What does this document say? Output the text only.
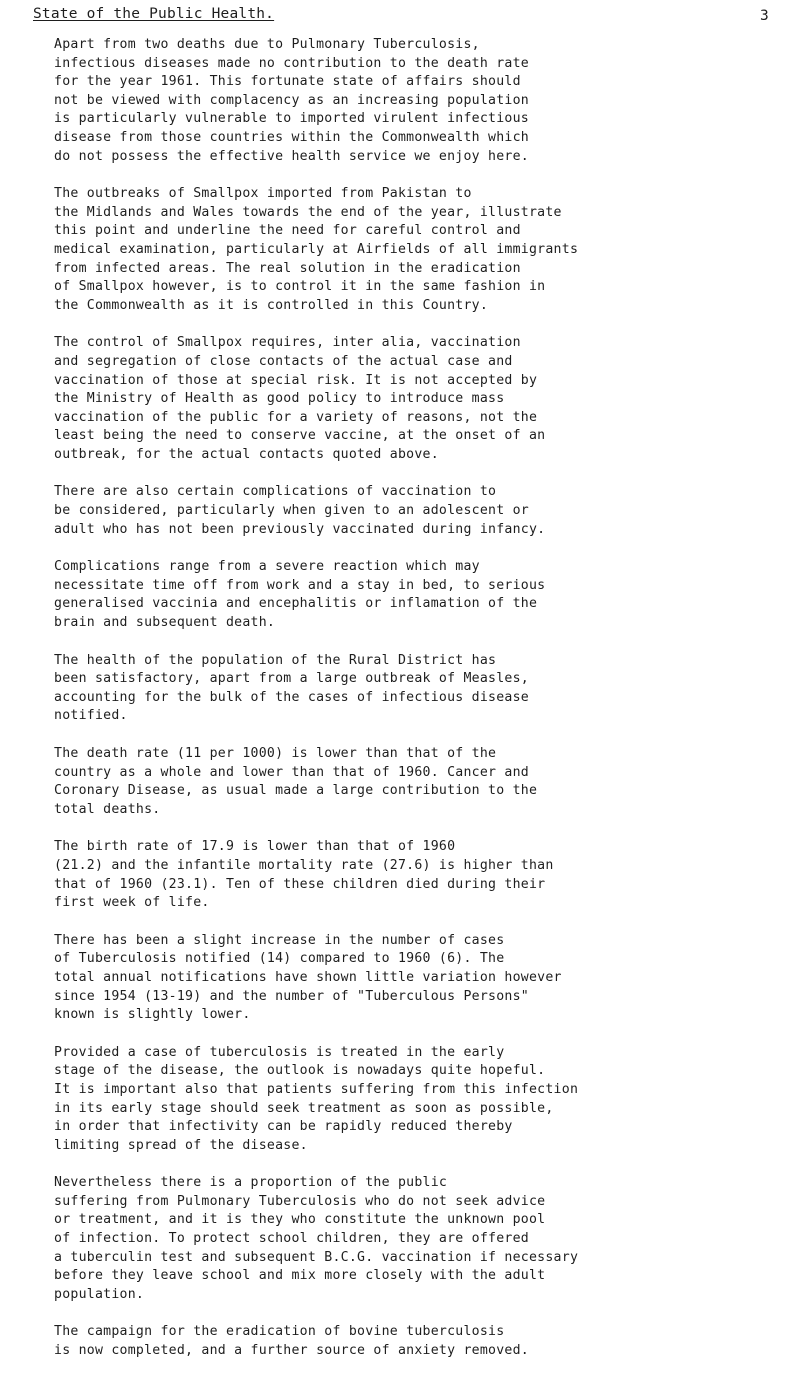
State of the Public Health.	3

Apart from two deaths due to Pulmonary Tuberculosis,
infectious diseases made no contribution to the death rate
for the year 1961. This fortunate state of affairs should
not be viewed with complacency as an increasing population
is particularly vulnerable to imported virulent infectious
disease from those countries within the Commonwealth which
do not possess the effective health service we enjoy here.

The outbreaks of Smallpox imported from Pakistan to
the Midlands and Wales towards the end of the year, illustrate
this point and underline the need for careful control and
medical examination, particularly at Airfields of all immigrants
from infected areas. The real solution in the eradication
of Smallpox however, is to control it in the same fashion in
the Commonwealth as it is controlled in this Country.

The control of Smallpox requires, inter alia, vaccination
and segregation of close contacts of the actual case and
vaccination of those at special risk. It is not accepted by
the Ministry of Health as good policy to introduce mass
vaccination of the public for a variety of reasons, not the
least being the need to conserve vaccine, at the onset of an
outbreak, for the actual contacts quoted above.

There are also certain complications of vaccination to
be considered, particularly when given to an adolescent or
adult who has not been previously vaccinated during infancy.

Complications range from a severe reaction which may
necessitate time off from work and a stay in bed, to serious
generalised vaccinia and encephalitis or inflamation of the
brain and subsequent death.

The health of the population of the Rural District has
been satisfactory, apart from a large outbreak of Measles,
accounting for the bulk of the cases of infectious disease
notified.

The death rate (11 per 1000) is lower than that of the
country as a whole and lower than that of 1960. Cancer and
Coronary Disease, as usual made a large contribution to the
total deaths.

The birth rate of 17.9 is lower than that of 1960
(21.2) and the infantile mortality rate (27.6) is higher than
that of 1960 (23.1). Ten of these children died during their
first week of life.

There has been a slight increase in the number of cases
of Tuberculosis notified (14) compared to 1960 (6). The
total annual notifications have shown little variation however
since 1954 (13-19) and the number of "Tuberculous Persons"
known is slightly lower.

Provided a case of tuberculosis is treated in the early
stage of the disease, the outlook is nowadays quite hopeful.
It is important also that patients suffering from this infection
in its early stage should seek treatment as soon as possible,
in order that infectivity can be rapidly reduced thereby
limiting spread of the disease.

Nevertheless there is a proportion of the public
suffering from Pulmonary Tuberculosis who do not seek advice
or treatment, and it is they who constitute the unknown pool
of infection. To protect school children, they are offered
a tuberculin test and subsequent B.C.G. vaccination if necessary
before they leave school and mix more closely with the adult
population.

The campaign for the eradication of bovine tuberculosis
is now completed, and a further source of anxiety removed.
